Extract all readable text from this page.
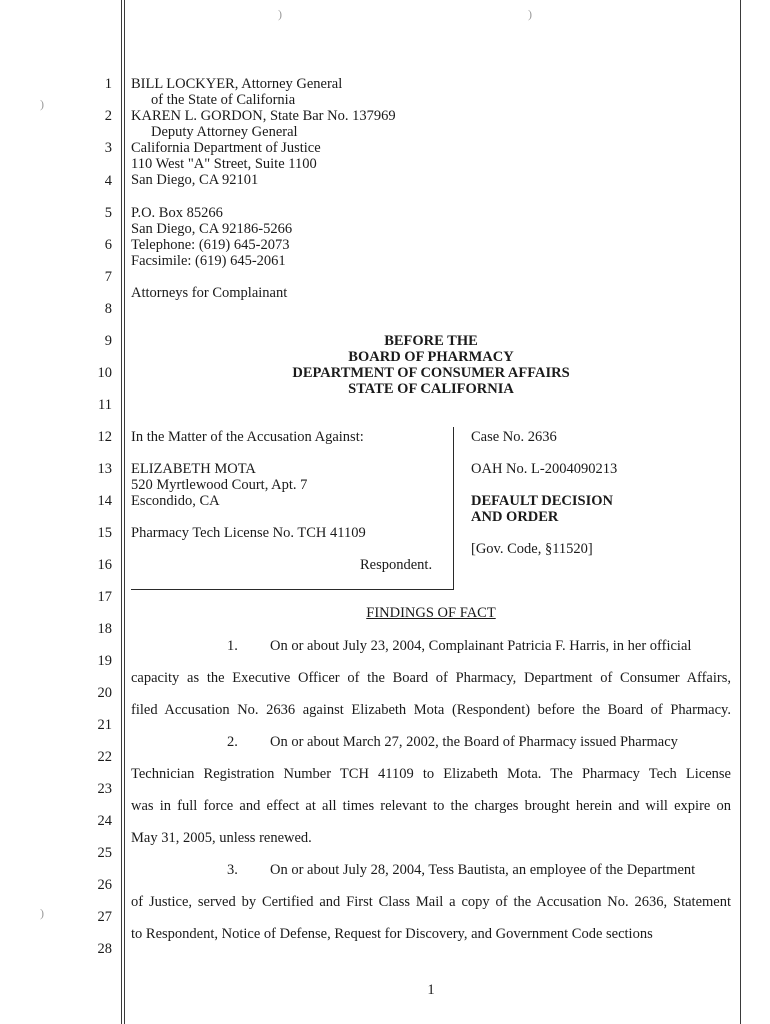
)	)
)
)
1
2
3
4
5
6
7
8
9
10
11
12
13
14
15
16
17
18
19
20
21
22
23
24
25
26
27
28
BILL LOCKYER, Attorney General
of the State of California
KAREN L. GORDON, State Bar No. 137969
Deputy Attorney General
California Department of Justice
110 West "A" Street, Suite 1100
San Diego, CA 92101
P.O. Box 85266
San Diego, CA 92186-5266
Telephone: (619) 645-2073
Facsimile: (619) 645-2061
Attorneys for Complainant
BEFORE THE
BOARD OF PHARMACY
DEPARTMENT OF CONSUMER AFFAIRS
STATE OF CALIFORNIA
In the Matter of the Accusation Against:
ELIZABETH MOTA
520 Myrtlewood Court, Apt. 7
Escondido, CA
Pharmacy Tech License No. TCH 41109
Respondent.
Case No. 2636
OAH No. L-2004090213
DEFAULT DECISION
AND ORDER
[Gov. Code, §11520]
FINDINGS OF FACT
1. On or about July 23, 2004, Complainant Patricia F. Harris, in her official
capacity as the Executive Officer of the Board of Pharmacy, Department of Consumer Affairs,
filed Accusation No. 2636 against Elizabeth Mota (Respondent) before the Board of Pharmacy.
2. On or about March 27, 2002, the Board of Pharmacy issued Pharmacy
Technician Registration Number TCH 41109 to Elizabeth Mota. The Pharmacy Tech License
was in full force and effect at all times relevant to the charges brought herein and will expire on
May 31, 2005, unless renewed.
3. On or about July 28, 2004, Tess Bautista, an employee of the Department
of Justice, served by Certified and First Class Mail a copy of the Accusation No. 2636, Statement
to Respondent, Notice of Defense, Request for Discovery, and Government Code sections
1
